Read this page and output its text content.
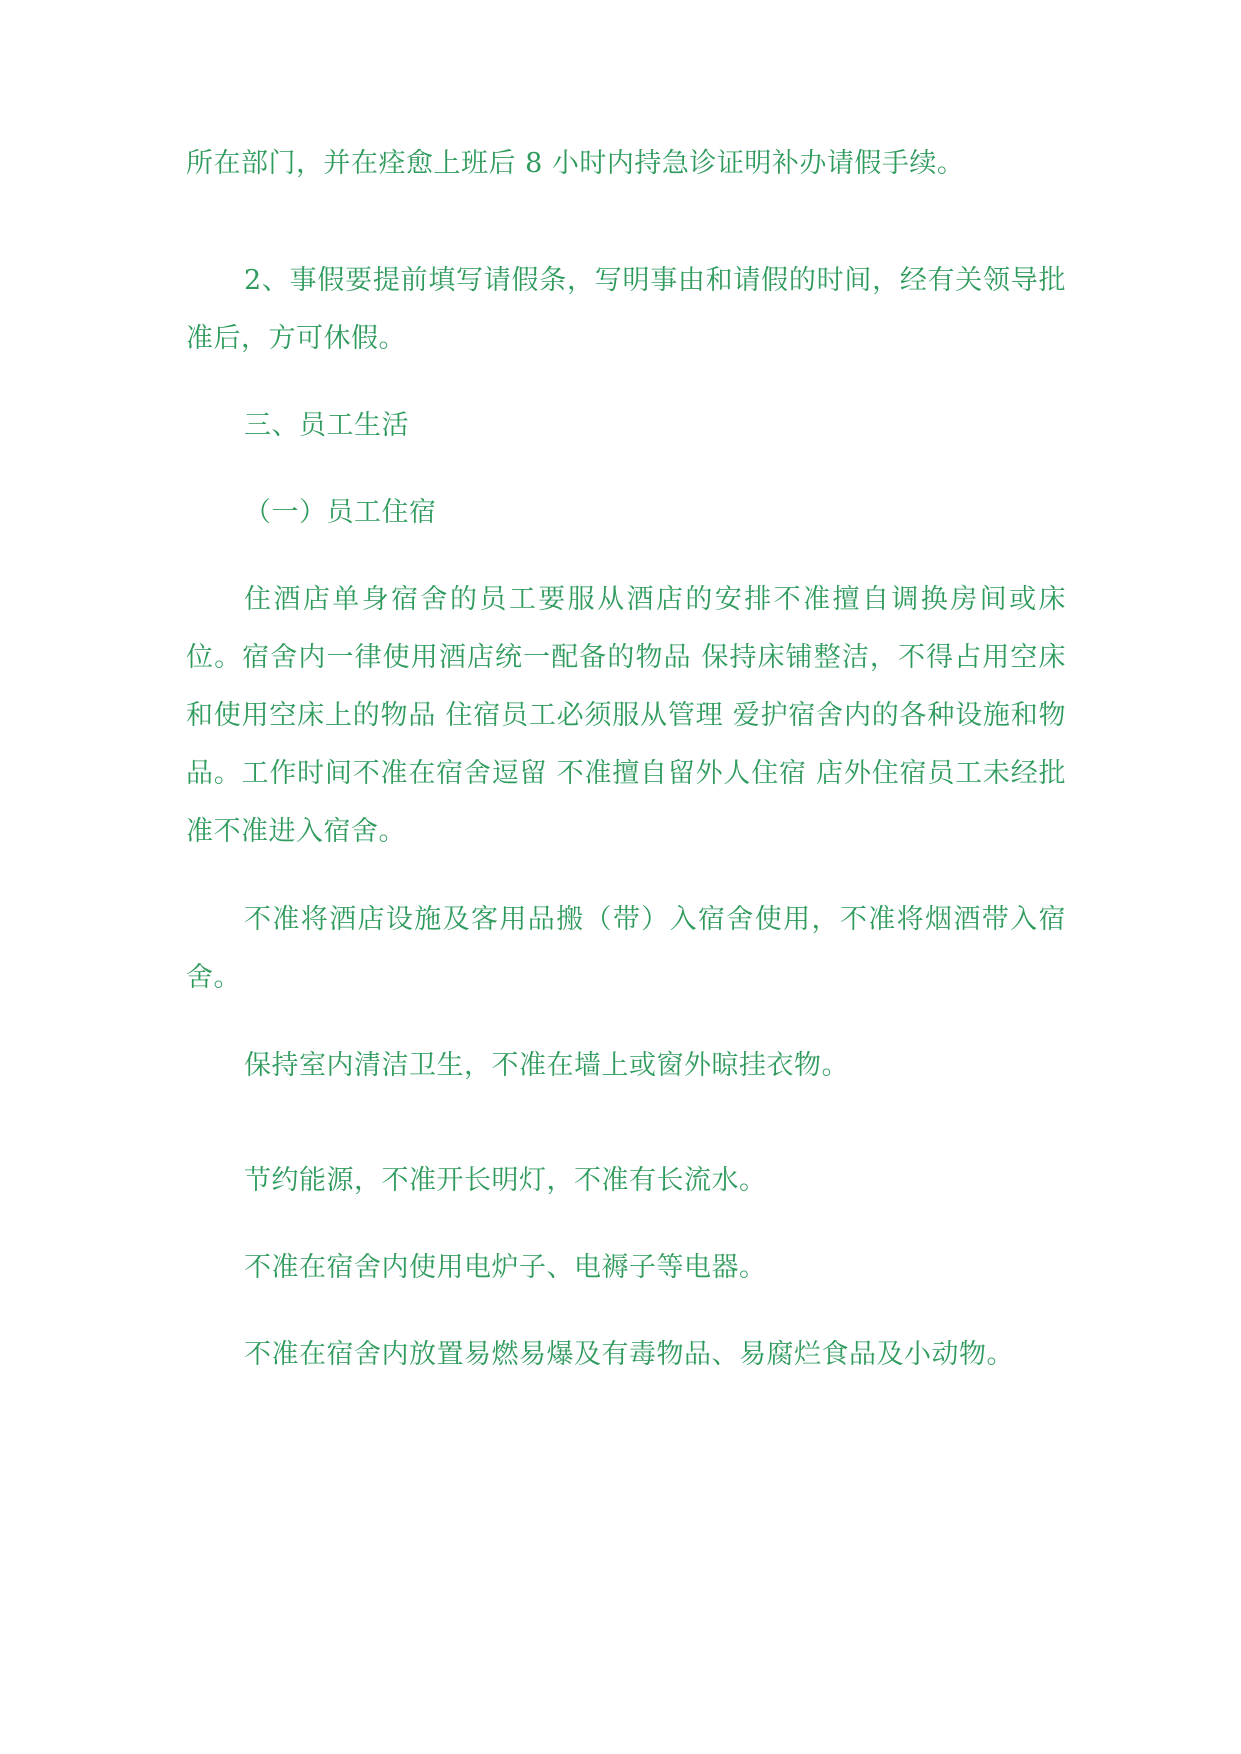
所在部门，并在痊愈上班后 8 小时内持急诊证明补办请假手续。

2、事假要提前填写请假条，写明事由和请假的时间，经有关领导批准后，方可休假。

三、员工生活

（一）员工住宿

住酒店单身宿舍的员工要服从酒店的安排不准擅自调换房间或床位。宿舍内一律使用酒店统一配备的物品 保持床铺整洁，不得占用空床和使用空床上的物品 住宿员工必须服从管理 爱护宿舍内的各种设施和物品。工作时间不准在宿舍逗留 不准擅自留外人住宿 店外住宿员工未经批准不准进入宿舍。

不准将酒店设施及客用品搬（带）入宿舍使用，不准将烟酒带入宿舍。

保持室内清洁卫生，不准在墙上或窗外晾挂衣物。

节约能源，不准开长明灯，不准有长流水。

不准在宿舍内使用电炉子、电褥子等电器。

不准在宿舍内放置易燃易爆及有毒物品、易腐烂食品及小动物。
